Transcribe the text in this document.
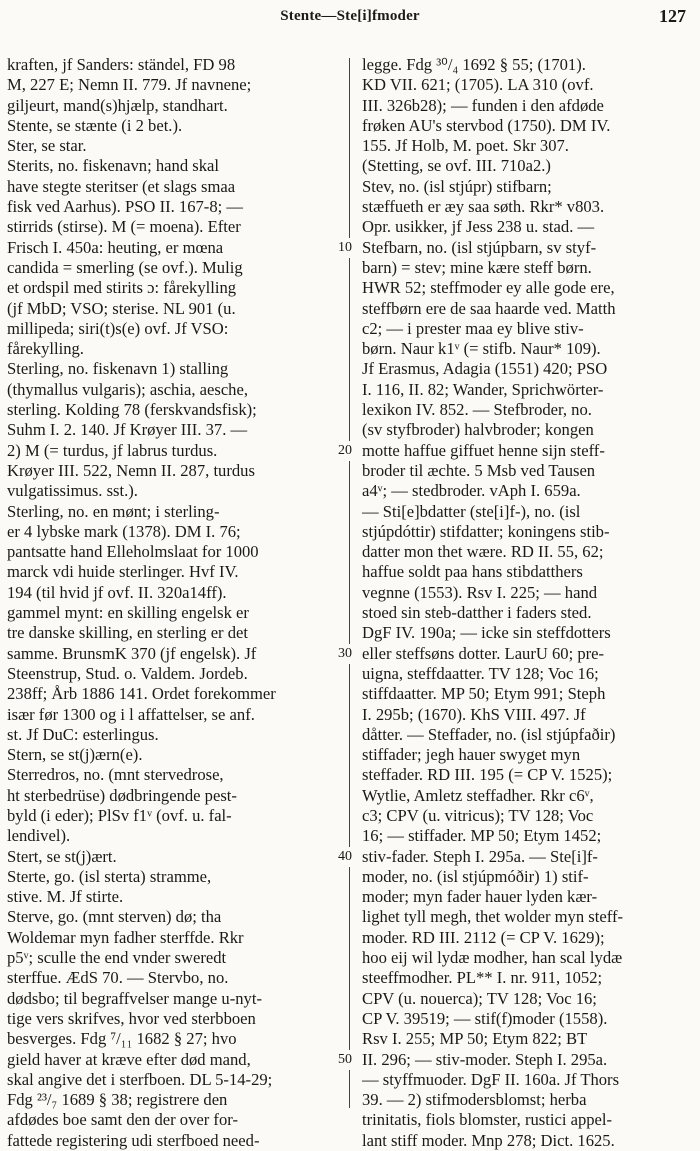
Stente—Ste[i]fmoder	127
kraften, jf Sanders: ständel, FD 98
M, 227 E; Nemn II. 779. Jf navnene;
giljeurt, mand(s)hjælp, standhart.
Stente, se stænte (i 2 bet.).
Ster, se star.
Sterits, no. fiskenavn; hand skal
have stegte steritser (et slags smaa
fisk ved Aarhus). PSO II. 167-8; —
stirrids (stirse). M (= moena). Efter
Frisch I. 450a: heuting, er mœna
candida = smerling (se ovf.). Mulig
et ordspil med stirits ɔ: fårekylling
(jf MbD; VSO; sterise. NL 901 (u.
millipeda; siri(t)s(e) ovf. Jf VSO:
fårekylling.
Sterling, no. fiskenavn 1) stalling
(thymallus vulgaris); aschia, aesche,
sterling. Kolding 78 (ferskvandsfisk);
Suhm I. 2. 140. Jf Krøyer III. 37. —
2) M (= turdus, jf labrus turdus.
Krøyer III. 522, Nemn II. 287, turdus
vulgatissimus. sst.).
Sterling, no. en mønt; i sterling-
er 4 lybske mark (1378). DM I. 76;
pantsatte hand Elleholmslaat for 1000
marck vdi huide sterlinger. Hvf IV.
194 (til hvid jf ovf. II. 320a14ff).
gammel mynt: en skilling engelsk er
tre danske skilling, en sterling er det
samme. BrunsmK 370 (jf engelsk). Jf
Steenstrup, Stud. o. Valdem. Jordeb.
238ff; Årb 1886 141. Ordet forekommer
især før 1300 og i l affattelser, se anf.
st. Jf DuC: esterlingus.
Stern, se st(j)ærn(e).
Sterredros, no. (mnt stervedrose,
ht sterbedrüse) dødbringende pest-
byld (i eder); PlSv f1ᵛ (ovf. u. fal-
lendivel).
Stert, se st(j)ært.
Sterte, go. (isl sterta) stramme,
stive. M. Jf stirte.
Sterve, go. (mnt sterven) dø; tha
Woldemar myn fadher sterffde. Rkr
p5ᵛ; sculle the end vnder sweredt
sterffue. ÆdS 70. — Stervbo, no.
dødsbo; til begraffvelser mange u-nyt-
tige vers skrifves, hvor ved sterbboen
besverges. Fdg ⁷/₁₁ 1682 § 27; hvo
gield haver at kræve efter død mand,
skal angive det i sterfboen. DL 5-14-29;
Fdg ²³/₇ 1689 § 38; registrere den
afdødes boe samt den der over for-
fattede registering udi sterfboed need-
legge. Fdg ³⁰/₄ 1692 § 55; (1701).
KD VII. 621; (1705). LA 310 (ovf.
III. 326b28); — funden i den afdøde
frøken AU's stervbod (1750). DM IV.
155. Jf Holb, M. poet. Skr 307.
(Stetting, se ovf. III. 710a2.)
Stev, no. (isl stjúpr) stifbarn;
stæffueth er æy saa søth. Rkr* v803.
Opr. usikker, jf Jess 238 u. stad. —
Stefbarn, no. (isl stjúpbarn, sv styf-
barn) = stev; mine kære steff børn.
HWR 52; steffmoder ey alle gode ere,
steffbørn ere de saa haarde ved. Matth
c2; — i prester maa ey blive stiv-
børn. Naur k1ᵛ (= stifb. Naur* 109).
Jf Erasmus, Adagia (1551) 420; PSO
I. 116, II. 82; Wander, Sprichwörter-
lexikon IV. 852. — Stefbroder, no.
(sv styfbroder) halvbroder; kongen
motte haffue giffuet henne sijn steff-
broder til æchte. 5 Msb ved Tausen
a4ᵛ; — stedbroder. vAph I. 659a.
— Sti[e]bdatter (ste[i]f-), no. (isl
stjúpdóttir) stifdatter; koningens stib-
datter mon thet wære. RD II. 55, 62;
haffue soldt paa hans stibdatthers
vegnne (1553). Rsv I. 225; — hand
stoed sin steb-datther i faders sted.
DgF IV. 190a; — icke sin steffdotters
eller steffsøns dotter. LaurU 60; pre-
uigna, steffdaatter. TV 128; Voc 16;
stiffdaatter. MP 50; Etym 991; Steph
I. 295b; (1670). KhS VIII. 497. Jf
dåtter. — Steffader, no. (isl stjúpfaðir)
stiffader; jegh hauer swyget myn
steffader. RD III. 195 (= CP V. 1525);
Wytlie, Amletz steffadher. Rkr c6ᵛ,
c3; CPV (u. vitricus); TV 128; Voc
16; — stiffader. MP 50; Etym 1452;
stiv-fader. Steph I. 295a. — Ste[i]f-
moder, no. (isl stjúpmóðir) 1) stif-
moder; myn fader hauer lyden kær-
lighet tyll megh, thet wolder myn steff-
moder. RD III. 2112 (= CP V. 1629);
hoo eij wil lydæ modher, han scal lydæ
steeffmodher. PL** I. nr. 911, 1052;
CPV (u. nouerca); TV 128; Voc 16;
CP V. 39519; — stif(f)moder (1558).
Rsv I. 255; MP 50; Etym 822; BT
II. 296; — stiv-moder. Steph I. 295a.
— styffmuoder. DgF II. 160a. Jf Thors
39. — 2) stifmodersblomst; herba
trinitatis, fiols blomster, rustici appel-
lant stiff moder. Mnp 278; Dict. 1625.
10
20
30
40
50
